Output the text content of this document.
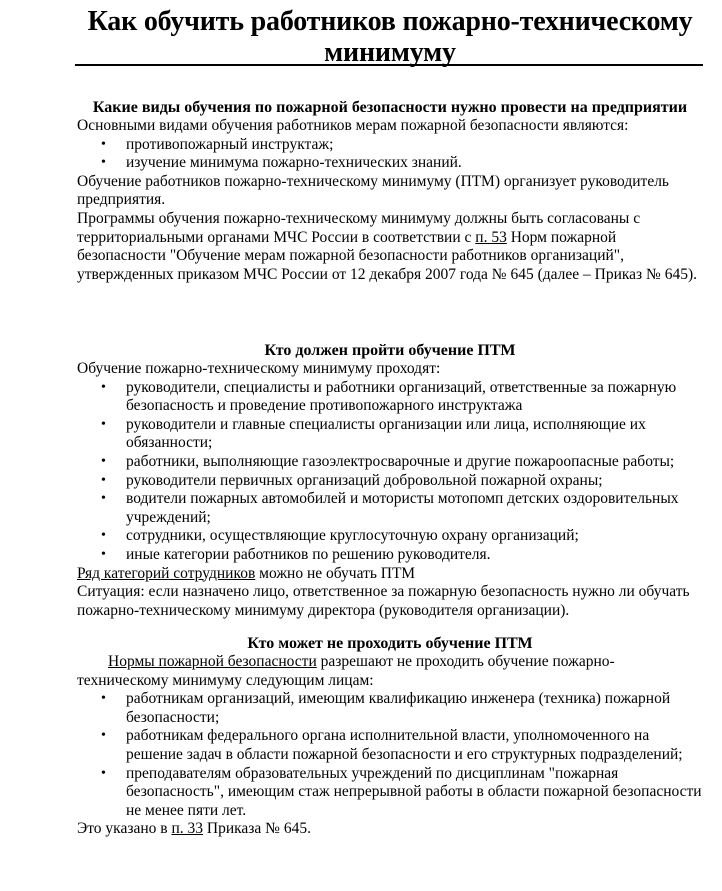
Как обучить работников пожарно-техническому минимуму
Какие виды обучения по пожарной безопасности нужно провести на предприятии

Основными видами обучения работников мерам пожарной безопасности являются:

• противопожарный инструктаж;
• изучение минимума пожарно-технических знаний.

Обучение работников пожарно-техническому минимуму (ПТМ) организует руководитель предприятия.

Программы обучения пожарно-техническому минимуму должны быть согласованы с территориальными органами МЧС России в соответствии с п. 53 Норм пожарной безопасности "Обучение мерам пожарной безопасности работников организаций", утвержденных приказом МЧС России от 12 декабря 2007 года № 645 (далее – Приказ № 645).

Кто должен пройти обучение ПТМ

Обучение пожарно-техническому минимуму проходят:

• руководители, специалисты и работники организаций, ответственные за пожарную безопасность и проведение противопожарного инструктажа
• руководители и главные специалисты организации или лица, исполняющие их обязанности;
• работники, выполняющие газоэлектросварочные и другие пожароопасные работы;
• руководители первичных организаций добровольной пожарной охраны;
• водители пожарных автомобилей и мотористы мотопомп детских оздоровительных учреждений;
• сотрудники, осуществляющие круглосуточную охрану организаций;
• иные категории работников по решению руководителя.

Ряд категорий сотрудников можно не обучать ПТМ

Ситуация: если назначено лицо, ответственное за пожарную безопасность нужно ли обучать пожарно-техническому минимуму директора (руководителя организации).

Кто может не проходить обучение ПТМ

Нормы пожарной безопасности разрешают не проходить обучение пожарно-техническому минимуму следующим лицам:

• работникам организаций, имеющим квалификацию инженера (техника) пожарной безопасности;
• работникам федерального органа исполнительной власти, уполномоченного на решение задач в области пожарной безопасности и его структурных подразделений;
• преподавателям образовательных учреждений по дисциплинам "пожарная безопасность", имеющим стаж непрерывной работы в области пожарной безопасности не менее пяти лет.

Это указано в п. 33 Приказа № 645.
